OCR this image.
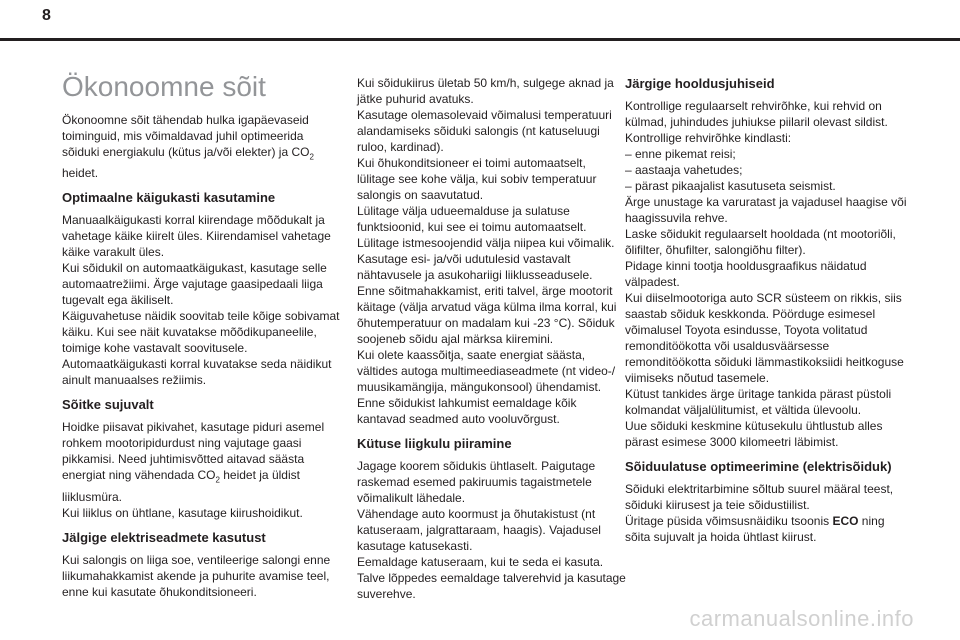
8
Ökonoomne sõit

Ökonoomne sõit tähendab hulka igapäevaseid toiminguid, mis võimaldavad juhil optimeerida sõiduki energiakulu (kütus ja/või elekter) ja $CO_2$ heidet.

Optimaalne käigukasti kasutamine

Manuaalkäigukasti korral kiirendage mõõdukalt ja vahetage käike kiirelt üles. Kiirendamisel vahetage käike varakult üles.
Kui sõidukil on automaatkäigukast, kasutage selle automaatrežiimi. Ärge vajutage gaasipedaali liiga tugevalt ega äkiliselt.
Käiguvahetuse näidik soovitab teile kõige sobivamat käiku. Kui see näit kuvatakse mõõdikupaneelile, toimige kohe vastavalt soovitusele.
Automaatkäigukasti korral kuvatakse seda näidikut ainult manuaalses režiimis.

Sõitke sujuvalt

Hoidke piisavat pikivahet, kasutage piduri asemel rohkem mootoripidurdust ning vajutage gaasi pikkamisi. Need juhtimisvõtted aitavad säästa energiat ning vähendada $CO_2$ heidet ja üldist liiklusmüra.
Kui liiklus on ühtlane, kasutage kiirushoidikut.

Jälgige elektriseadmete kasutust

Kui salongis on liiga soe, ventileerige salongi enne liikumahakkamist akende ja puhurite avamise teel, enne kui kasutate õhukonditsioneeri.

Kui sõidukiirus ületab 50 km/h, sulgege aknad ja jätke puhurid avatuks.
Kasutage olemasolevaid võimalusi temperatuuri alandamiseks sõiduki salongis (nt katuseluugi ruloo, kardinad).
Kui õhukonditsioneer ei toimi automaatselt, lülitage see kohe välja, kui sobiv temperatuur salongis on saavutatud.
Lülitage välja udueemalduse ja sulatuse funktsioonid, kui see ei toimu automaatselt.
Lülitage istmesoojendid välja niipea kui võimalik.
Kasutage esi- ja/või udutulesid vastavalt nähtavusele ja asukohariigi liiklusseadusele.
Enne sõitmahakkamist, eriti talvel, ärge mootorit käitage (välja arvatud väga külma ilma korral, kui õhutemperatuur on madalam kui -23 °C). Sõiduk soojeneb sõidu ajal märksa kiiremini.
Kui olete kaassõitja, saate energiat säästa, vältides autoga multimeediaseadmete (nt video-/ muusikamängija, mängukonsool) ühendamist.
Enne sõidukist lahkumist eemaldage kõik kantavad seadmed auto vooluvõrgust.

Kütuse liigkulu piiramine

Jagage koorem sõidukis ühtlaselt. Paigutage raskemad esemed pakiruumis tagaistmetele võimalikult lähedale.
Vähendage auto koormust ja õhutakistust (nt katuseraam, jalgrattaraam, haagis). Vajadusel kasutage katusekasti.
Eemaldage katuseraam, kui te seda ei kasuta.
Talve lõppedes eemaldage talverehvid ja kasutage suverehve.

Järgige hooldusjuhiseid

Kontrollige regulaarselt rehvirõhke, kui rehvid on külmad, juhindudes juhiukse piilaril olevast sildist.
Kontrollige rehvirõhke kindlasti:
– enne pikemat reisi;
– aastaaja vahetudes;
– pärast pikaajalist kasutuseta seismist.
Ärge unustage ka varuratast ja vajadusel haagise või haagissuvila rehve.
Laske sõidukit regulaarselt hooldada (nt mootoriõli, õlifilter, õhufilter, salongiõhu filter).
Pidage kinni tootja hooldusgraafikus näidatud välpadest.
Kui diiselmootoriga auto SCR süsteem on rikkis, siis saastab sõiduk keskkonda. Pöörduge esimesel võimalusel Toyota esindusse, Toyota volitatud remonditöökotta või usaldusväärsesse remonditöökotta sõiduki lämmastikoksiidi heitkoguse viimiseks nõutud tasemele.
Kütust tankides ärge üritage tankida pärast püstoli kolmandat väljalülitumist, et vältida ülevoolu.
Uue sõiduki keskmine kütusekulu ühtlustub alles pärast esimese 3000 kilomeetri läbimist.

Sõiduulatuse optimeerimine (elektrisõiduk)

Sõiduki elektritarbimine sõltub suurel määral teest, sõiduki kiirusest ja teie sõidustiilist.
Üritage püsida võimsusnäidiku tsoonis ECO ning sõita sujuvalt ja hoida ühtlast kiirust.

carmanualsonline.info
